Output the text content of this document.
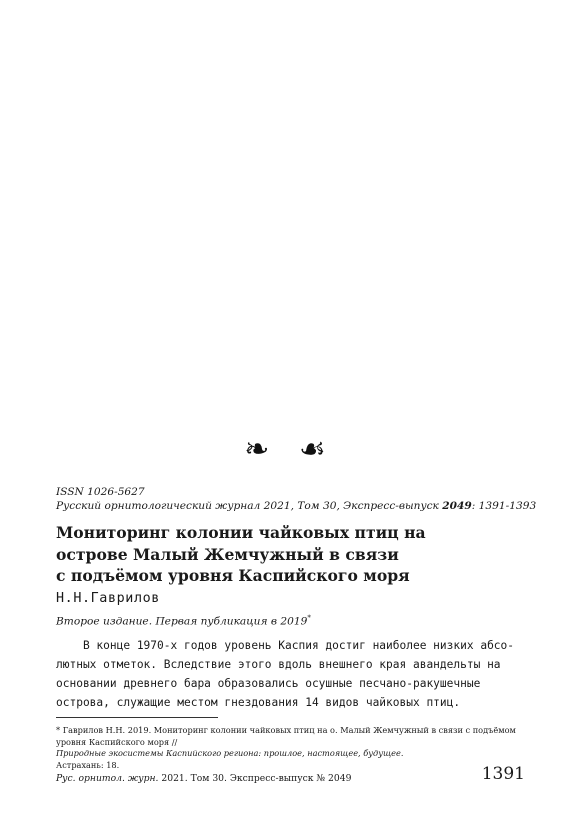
❧ ☙
ISSN 1026-5627
Русский орнитологический журнал 2021, Том 30, Экспресс-выпуск 2049: 1391-1393
Мониторинг колонии чайковых птиц на
острове Малый Жемчужный в связи
с подъёмом уровня Каспийского моря
Н.Н.Гаврилов
Второе издание. Первая публикация в 2019*
В конце 1970-х годов уровень Каспия достиг наиболее низких абсо-
лютных отметок. Вследствие этого вдоль внешнего края авандельты на
основании древнего бара образовались осушные песчано-ракушечные
острова, служащие местом гнездования 14 видов чайковых птиц.
* Гаврилов Н.Н. 2019. Мониторинг колонии чайковых птиц на о. Малый Жемчужный в связи с подъёмом
уровня Каспийского моря //
Природные экосистемы Каспийского региона: прошлое, настоящее, будущее.
Астрахань: 18.
Рус. орнитол. журн. 2021. Том 30. Экспресс-выпуск № 2049	1391
